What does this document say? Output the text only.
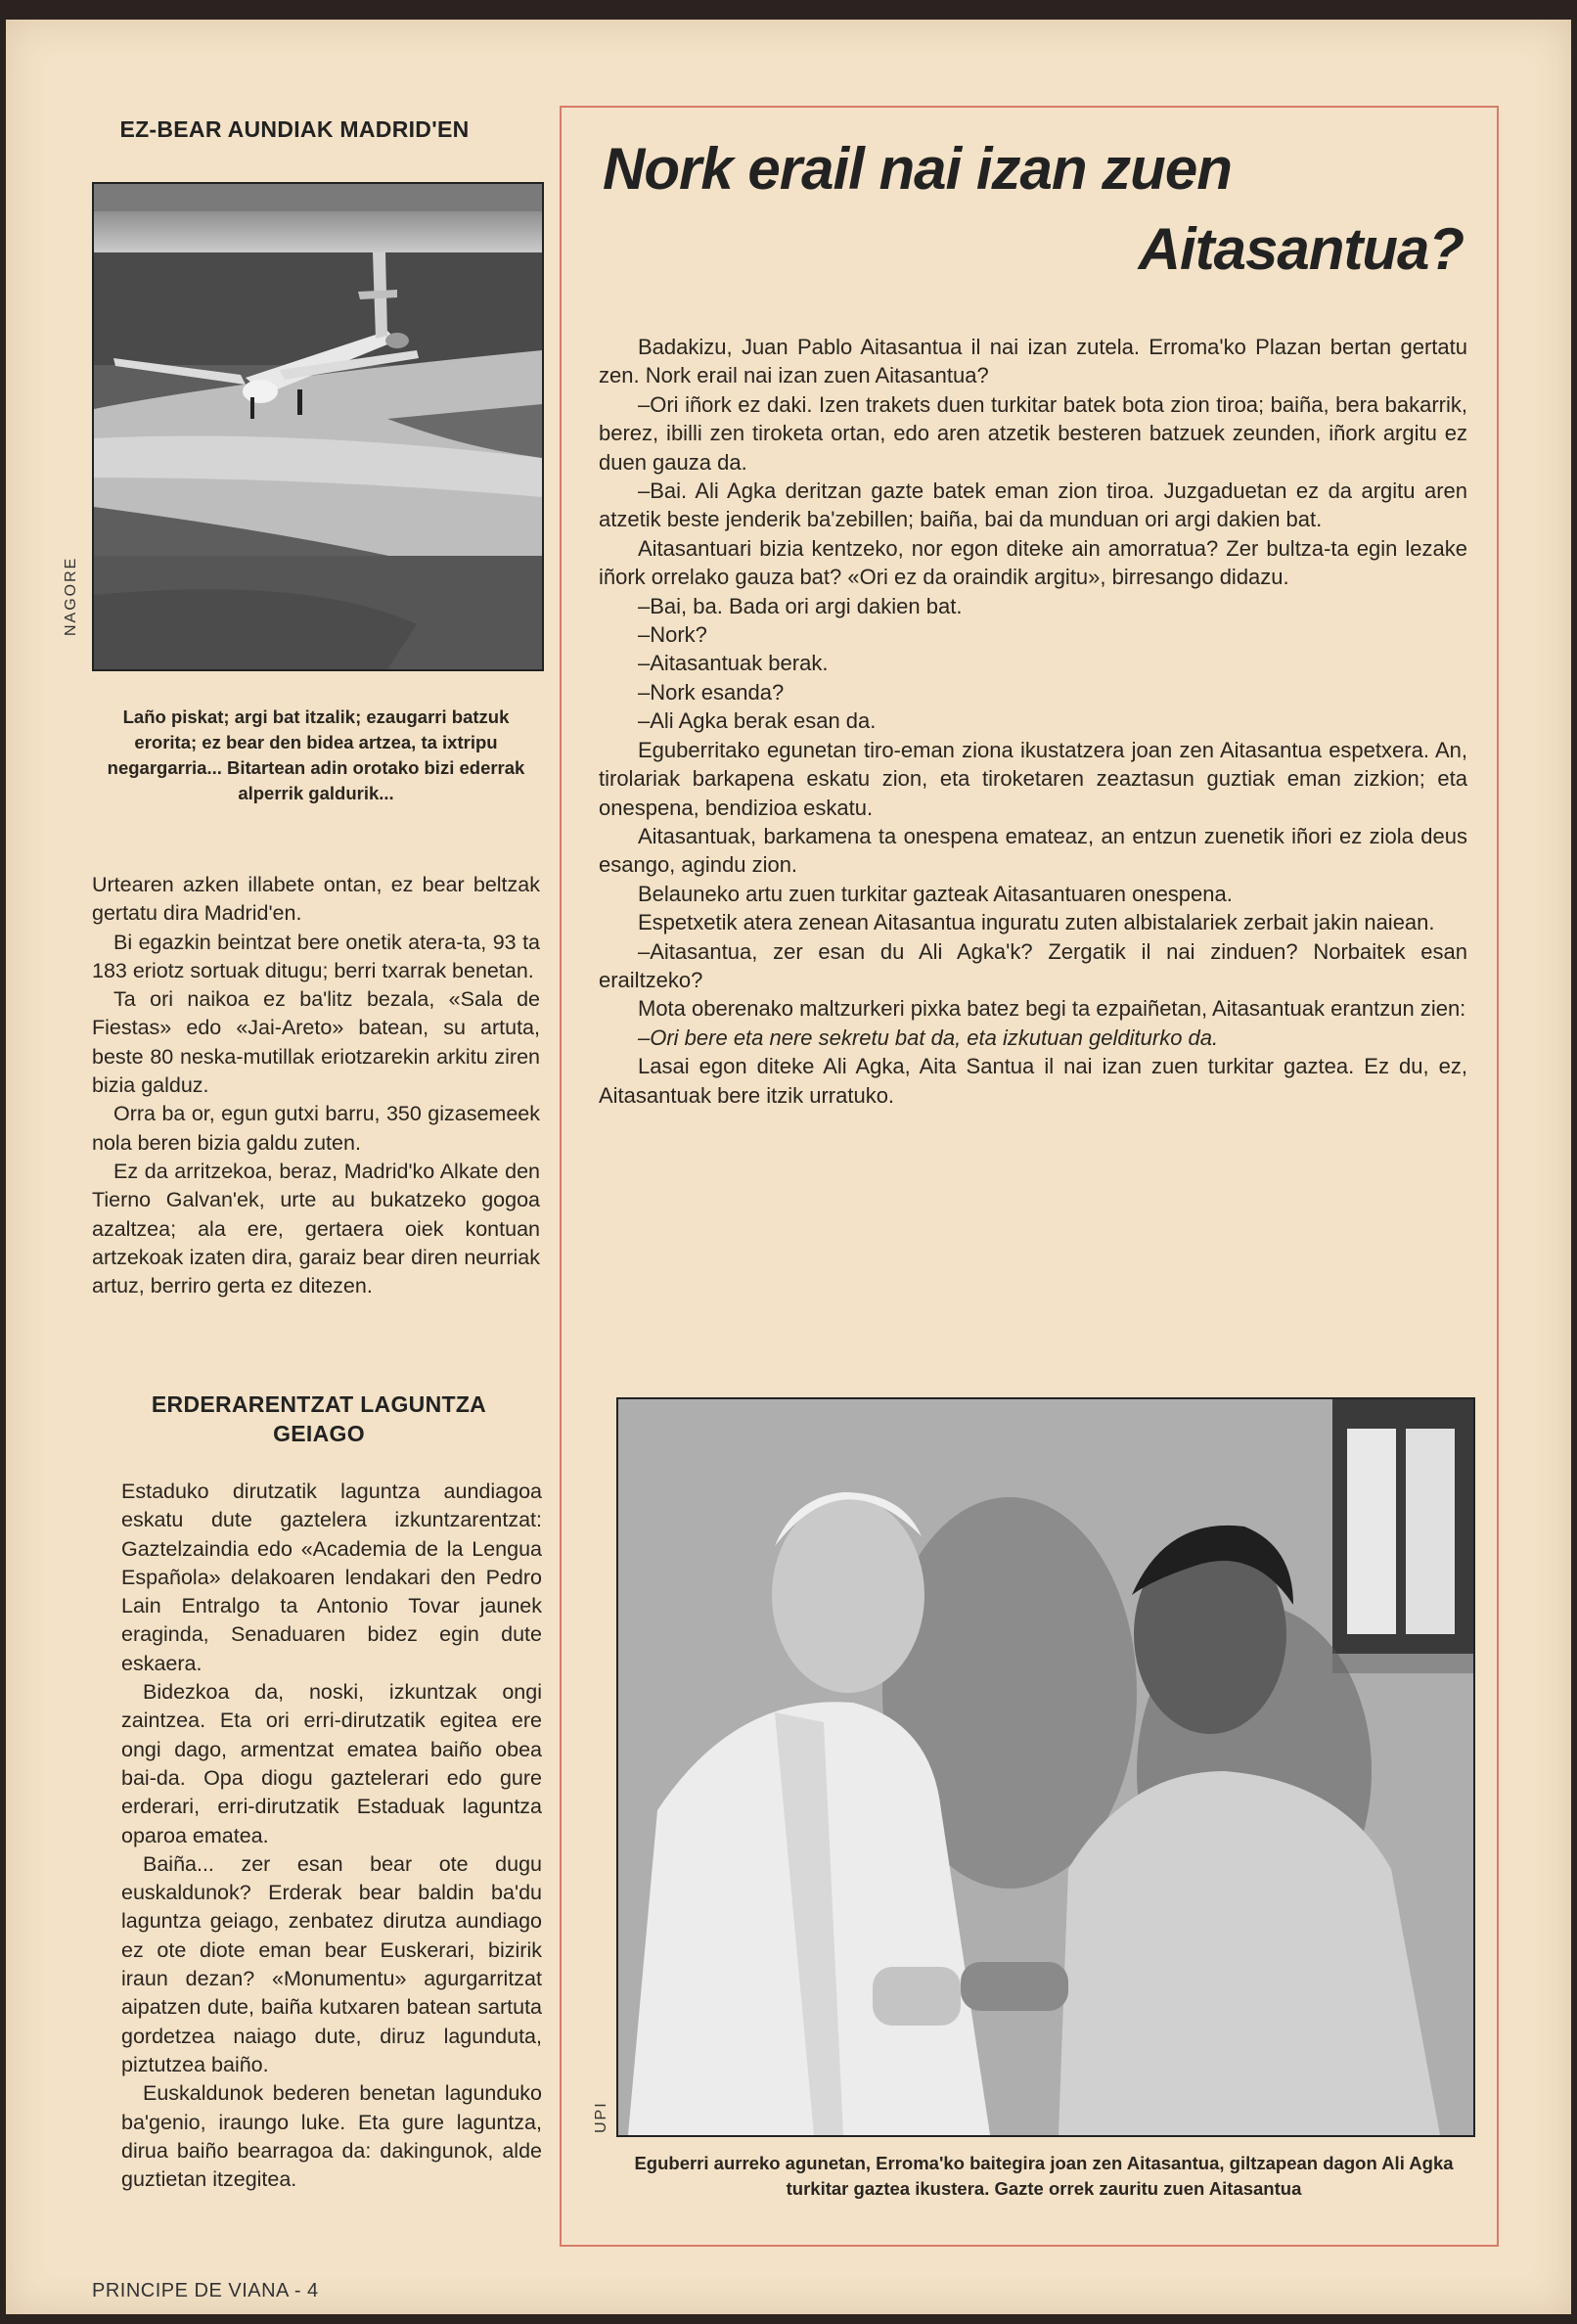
EZ-BEAR AUNDIAK MADRID'EN
NAGORE
Laño piskat; argi bat itzalik; ezaugarri batzuk erorita; ez bear den bidea artzea, ta ixtripu negargarria... Bitartean adin orotako bizi ederrak alperrik galdurik...

Urtearen azken illabete ontan, ez bear beltzak gertatu dira Madrid'en.

Bi egazkin beintzat bere onetik atera-ta, 93 ta 183 eriotz sortuak ditugu; berri txarrak benetan.

Ta ori naikoa ez ba'litz bezala, «Sala de Fiestas» edo «Jai-Areto» batean, su artuta, beste 80 neska-mutillak eriotzarekin arkitu ziren bizia galduz.

Orra ba or, egun gutxi barru, 350 gizasemeek nola beren bizia galdu zuten.

Ez da arritzekoa, beraz, Madrid'ko Alkate den Tierno Galvan'ek, urte au bukatzeko gogoa azaltzea; ala ere, gertaera oiek kontuan artzekoak izaten dira, garaiz bear diren neurriak artuz, berriro gerta ez ditezen.

ERDERARENTZAT LAGUNTZA GEIAGO

Estaduko dirutzatik laguntza aundiagoa eskatu dute gaztelera izkuntzarentzat: Gaztelzaindia edo «Academia de la Lengua Española» delakoaren lendakari den Pedro Lain Entralgo ta Antonio Tovar jaunek eraginda, Senaduaren bidez egin dute eskaera.

Bidezkoa da, noski, izkuntzak ongi zaintzea. Eta ori erri-dirutzatik egitea ere ongi dago, armentzat ematea baiño obea bai-da. Opa diogu gaztelerari edo gure erderari, erri-dirutzatik Estaduak laguntza oparoa ematea.

Baiña... zer esan bear ote dugu euskaldunok? Erderak bear baldin ba'du laguntza geiago, zenbatez dirutza aundiago ez ote diote eman bear Euskerari, bizirik iraun dezan? «Monumentu» agurgarritzat aipatzen dute, baiña kutxaren batean sartuta gordetzea naiago dute, diruz lagunduta, piztutzea baiño.

Euskaldunok bederen benetan lagunduko ba'genio, iraungo luke. Eta gure laguntza, dirua baiño bearragoa da: dakingunok, alde guztietan itzegitea.

PRINCIPE DE VIANA - 4
Nork erail nai izan zuen
Aitasantua?

Badakizu, Juan Pablo Aitasantua il nai izan zutela. Erroma'ko Plazan bertan gertatu zen. Nork erail nai izan zuen Aitasantua?

–Ori iñork ez daki. Izen trakets duen turkitar batek bota zion tiroa; baiña, bera bakarrik, berez, ibilli zen tiroketa ortan, edo aren atzetik besteren batzuek zeunden, iñork argitu ez duen gauza da.

–Bai. Ali Agka deritzan gazte batek eman zion tiroa. Juzgaduetan ez da argitu aren atzetik beste jenderik ba'zebillen; baiña, bai da munduan ori argi dakien bat.

Aitasantuari bizia kentzeko, nor egon diteke ain amorratua? Zer bultza-ta egin lezake iñork orrelako gauza bat? «Ori ez da oraindik argitu», birresango didazu.

–Bai, ba. Bada ori argi dakien bat.

–Nork?

–Aitasantuak berak.

–Nork esanda?

–Ali Agka berak esan da.

Eguberritako egunetan tiro-eman ziona ikustatzera joan zen Aitasantua espetxera. An, tirolariak barkapena eskatu zion, eta tiroketaren zeaztasun guztiak eman zizkion; eta onespena, bendizioa eskatu.

Aitasantuak, barkamena ta onespena emateaz, an entzun zuenetik iñori ez ziola deus esango, agindu zion.

Belauneko artu zuen turkitar gazteak Aitasantuaren onespena.

Espetxetik atera zenean Aitasantua inguratu zuten albistalariek zerbait jakin naiean.

–Aitasantua, zer esan du Ali Agka'k? Zergatik il nai zinduen? Norbaitek esan erailtzeko?

Mota oberenako maltzurkeri pixka batez begi ta ezpaiñetan, Aitasantuak erantzun zien:

–Ori bere eta nere sekretu bat da, eta izkutuan gelditurko da.

Lasai egon diteke Ali Agka, Aita Santua il nai izan zuen turkitar gaztea. Ez du, ez, Aitasantuak bere itzik urratuko.

UPI
Eguberri aurreko agunetan, Erroma'ko baitegira joan zen Aitasantua, giltzapean dagon Ali Agka turkitar gaztea ikustera. Gazte orrek zauritu zuen Aitasantua
